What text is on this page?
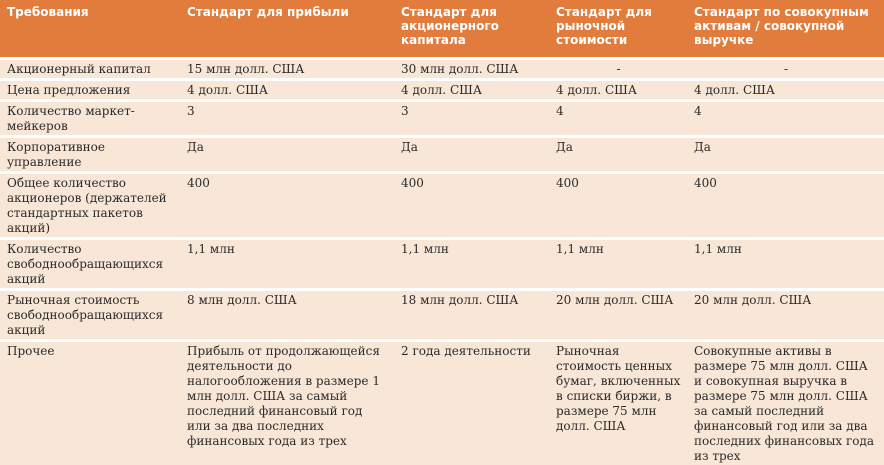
Требования	Стандарт для прибыли	Стандарт для акционерного капитала	Стандарт для рыночной стоимости	Стандарт по совокупным активам / совокупной выручке
Акционерный капитал	15 млн долл. США	30 млн долл. США	-	-
Цена предложения	4 долл. США	4 долл. США	4 долл. США	4 долл. США
Количество маркет-мейкеров	3	3	4	4
Корпоративное управление	Да	Да	Да	Да
Общее количество акционеров (держателей стандартных пакетов акций)	400	400	400	400
Количество свободнообращающихся акций	1,1 млн	1,1 млн	1,1 млн	1,1 млн
Рыночная стоимость свободнообращающихся акций	8 млн долл. США	18 млн долл. США	20 млн долл. США	20 млн долл. США
Прочее	Прибыль от продолжающейся деятельности до налогообложения в размере 1 млн долл. США за самый последний финансовый год или за два последних финансовых года из трех	2 года деятельности	Рыночная стоимость ценных бумаг, включенных в списки биржи, в размере 75 млн долл. США	Совокупные активы в размере 75 млн долл. США и совокупная выручка в размере 75 млн долл. США за самый последний финансовый год или за два последних финансовых года из трех
